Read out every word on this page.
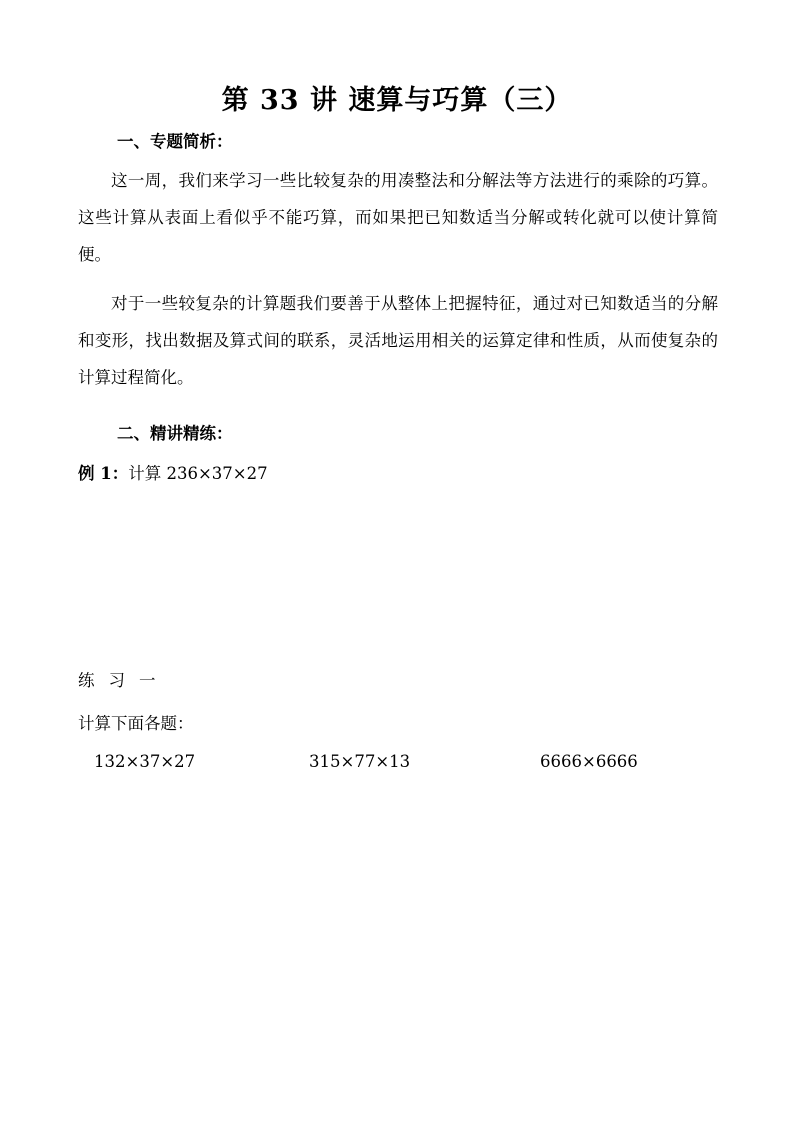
第 33 讲 速算与巧算（三）
一、专题简析：

这一周，我们来学习一些比较复杂的用凑整法和分解法等方法进行的乘除的巧算。这些计算从表面上看似乎不能巧算，而如果把已知数适当分解或转化就可以使计算简便。

对于一些较复杂的计算题我们要善于从整体上把握特征，通过对已知数适当的分解和变形，找出数据及算式间的联系，灵活地运用相关的运算定律和性质，从而使复杂的计算过程简化。

二、精讲精练：
例 1：计算 236×37×27
练习一
计算下面各题：
132×37×27	315×77×13	6666×6666
